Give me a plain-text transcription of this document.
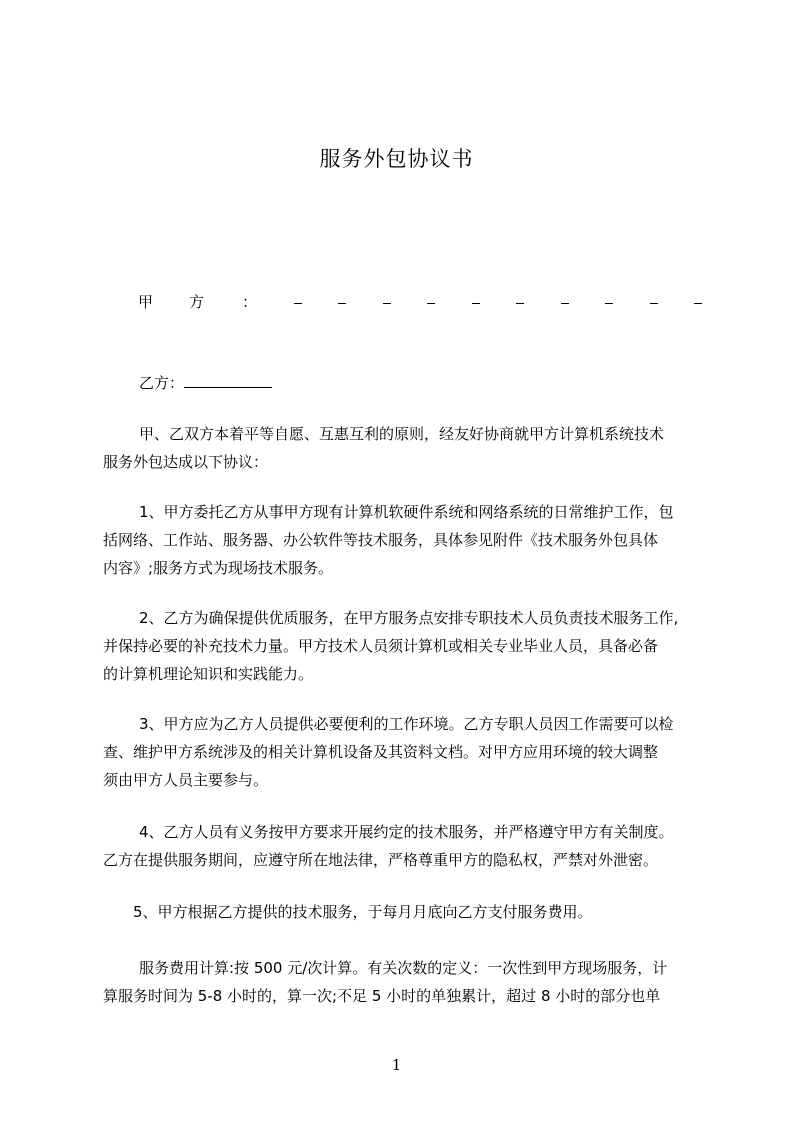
服务外包协议书
甲 方	：
乙方：
甲、乙双方本着平等自愿、互惠互利的原则，经友好协商就甲方计算机系统技术
服务外包达成以下协议：
1、甲方委托乙方从事甲方现有计算机软硬件系统和网络系统的日常维护工作，包
括网络、工作站、服务器、办公软件等技术服务，具体参见附件《技术服务外包具体
内容》;服务方式为现场技术服务。
2、乙方为确保提供优质服务，在甲方服务点安排专职技术人员负责技术服务工作,
并保持必要的补充技术力量。甲方技术人员须计算机或相关专业毕业人员，具备必备
的计算机理论知识和实践能力。
3、甲方应为乙方人员提供必要便利的工作环境。乙方专职人员因工作需要可以检
查、维护甲方系统涉及的相关计算机设备及其资料文档。对甲方应用环境的较大调整
须由甲方人员主要参与。
4、乙方人员有义务按甲方要求开展约定的技术服务，并严格遵守甲方有关制度。
乙方在提供服务期间，应遵守所在地法律，严格尊重甲方的隐私权，严禁对外泄密。
5、甲方根据乙方提供的技术服务，于每月月底向乙方支付服务费用。
服务费用计算:按 500 元/次计算。有关次数的定义：一次性到甲方现场服务，计
算服务时间为 5-8 小时的，算一次;不足 5 小时的单独累计，超过 8 小时的部分也单
1
